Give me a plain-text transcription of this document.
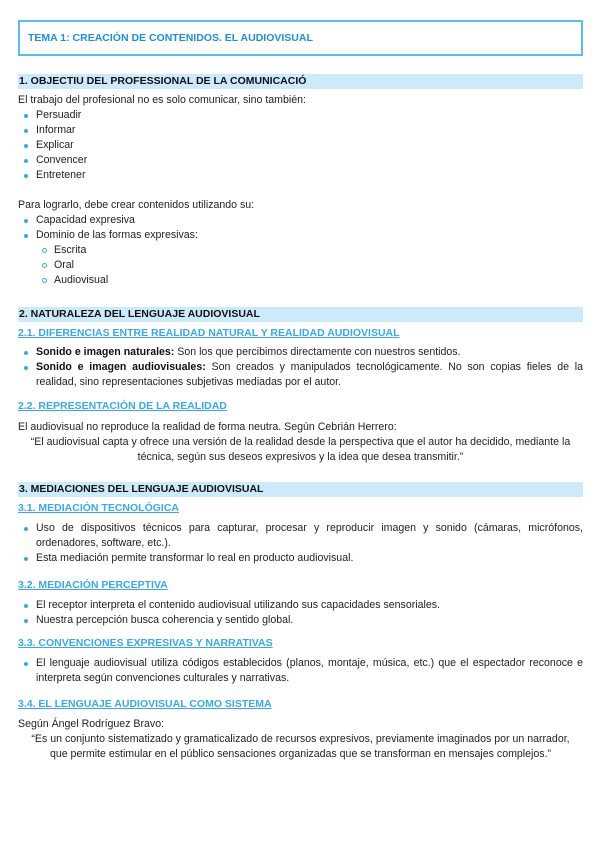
TEMA 1: CREACIÓN DE CONTENIDOS. EL AUDIOVISUAL
1. OBJECTIU DEL PROFESSIONAL DE LA COMUNICACIÓ

El trabajo del profesional no es solo comunicar, sino también:

Persuadir
Informar
Explicar
Convencer
Entretener

Para lograrlo, debe crear contenidos utilizando su:

Capacidad expresiva
Dominio de las formas expresivas:
Escrita
Oral
Audiovisual
2. NATURALEZA DEL LENGUAJE AUDIOVISUAL
2.1. DIFERENCIAS ENTRE REALIDAD NATURAL Y REALIDAD AUDIOVISUAL
Sonido e imagen naturales: Son los que percibimos directamente con nuestros sentidos.
Sonido e imagen audiovisuales: Son creados y manipulados tecnológicamente. No son copias fieles de la realidad, sino representaciones subjetivas mediadas por el autor.
2.2. REPRESENTACIÓN DE LA REALIDAD

El audiovisual no reproduce la realidad de forma neutra. Según Cebrián Herrero:

“El audiovisual capta y ofrece una versión de la realidad desde la perspectiva que el autor ha decidido, mediante la técnica, según sus deseos expresivos y la idea que desea transmitir.”

3. MEDIACIONES DEL LENGUAJE AUDIOVISUAL
3.1. MEDIACIÓN TECNOLÓGICA
Uso de dispositivos técnicos para capturar, procesar y reproducir imagen y sonido (cámaras, micrófonos, ordenadores, software, etc.).
Esta mediación permite transformar lo real en producto audiovisual.
3.2. MEDIACIÓN PERCEPTIVA
El receptor interpreta el contenido audiovisual utilizando sus capacidades sensoriales.
Nuestra percepción busca coherencia y sentido global.
3.3. CONVENCIONES EXPRESIVAS Y NARRATIVAS
El lenguaje audiovisual utiliza códigos establecidos (planos, montaje, música, etc.) que el espectador reconoce e interpreta según convenciones culturales y narrativas.
3.4. EL LENGUAJE AUDIOVISUAL COMO SISTEMA

Según Ángel Rodríguez Bravo:

“Es un conjunto sistematizado y gramaticalizado de recursos expresivos, previamente imaginados por un narrador, que permite estimular en el público sensaciones organizadas que se transforman en mensajes complejos.”
